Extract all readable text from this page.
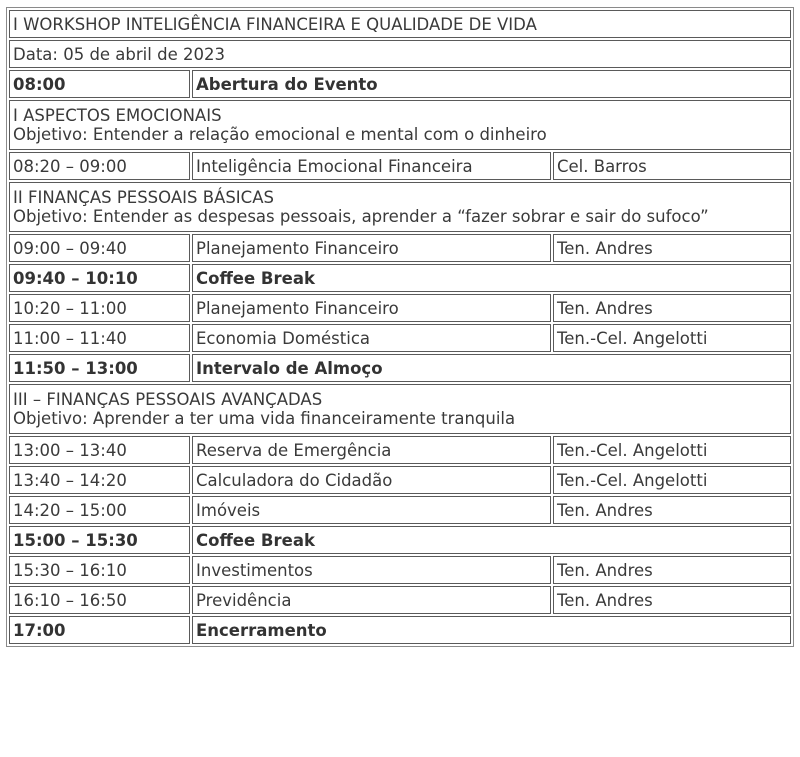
I WORKSHOP INTELIGÊNCIA FINANCEIRA E QUALIDADE DE VIDA		
Data: 05 de abril de 2023		
08:00	Abertura do Evento	

I ASPECTOS EMOCIONAIS
Objetivo: Entender a relação emocional e mental com o dinheiro		

08:20 – 09:00	Inteligência Emocional Financeira	Cel. Barros

II FINANÇAS PESSOAIS BÁSICAS
Objetivo: Entender as despesas pessoais, aprender a “fazer sobrar e sair do sufoco”		

09:00 – 09:40	Planejamento Financeiro	Ten. Andres
09:40 – 10:10	Coffee Break	
10:20 – 11:00	Planejamento Financeiro	Ten. Andres
11:00 – 11:40	Economia Doméstica	Ten.-Cel. Angelotti
11:50 – 13:00	Intervalo de Almoço	

III – FINANÇAS PESSOAIS AVANÇADAS
Objetivo: Aprender a ter uma vida financeiramente tranquila		

13:00 – 13:40	Reserva de Emergência	Ten.-Cel. Angelotti
13:40 – 14:20	Calculadora do Cidadão	Ten.-Cel. Angelotti
14:20 – 15:00	Imóveis	Ten. Andres
15:00 – 15:30	Coffee Break	
15:30 – 16:10	Investimentos	Ten. Andres
16:10 – 16:50	Previdência	Ten. Andres
17:00	Encerramento	
